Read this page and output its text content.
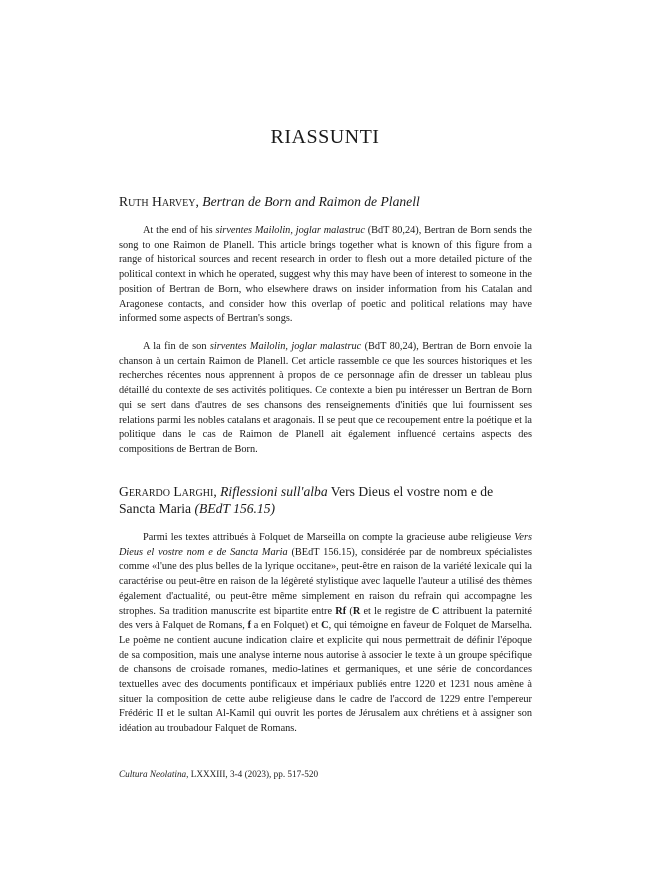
RIASSUNTI
Ruth Harvey, Bertran de Born and Raimon de Planell

At the end of his sirventes Mailolin, joglar malastruc (BdT 80,24), Bertran de Born sends the song to one Raimon de Planell. This article brings together what is known of this figure from a range of historical sources and recent research in order to flesh out a more detailed picture of the political context in which he operated, suggest why this may have been of interest to someone in the position of Bertran de Born, who elsewhere draws on insider information from his Catalan and Aragonese contacts, and consider how this overlap of poetic and political relations may have informed some aspects of Bertran's songs.

A la fin de son sirventes Mailolin, joglar malastruc (BdT 80,24), Bertran de Born envoie la chanson à un certain Raimon de Planell. Cet article rassemble ce que les sources historiques et les recherches récentes nous apprennent à propos de ce personnage afin de dresser un tableau plus détaillé du contexte de ses activités politiques. Ce contexte a bien pu intéresser un Bertran de Born qui se sert dans d'autres de ses chansons des renseignements d'initiés que lui fournissent ses relations parmi les nobles catalans et aragonais. Il se peut que ce recoupement entre la poétique et la politique dans le cas de Raimon de Planell ait également influencé certains aspects des compositions de Bertran de Born.

Gerardo Larghi, Riflessioni sull'alba Vers Dieus el vostre nom e de Sancta Maria (BEdT 156.15)

Parmi les textes attribués à Folquet de Marseilla on compte la gracieuse aube religieuse Vers Dieus el vostre nom e de Sancta Maria (BEdT 156.15), considérée par de nombreux spécialistes comme «l'une des plus belles de la lyrique occitane», peut-être en raison de la variété lexicale qui la caractérise ou peut-être en raison de la légèreté stylistique avec laquelle l'auteur a utilisé des thèmes également d'actualité, ou peut-être même simplement en raison du refrain qui accompagne les strophes. Sa tradition manuscrite est bipartite entre Rf (R et le registre de C attribuent la paternité des vers à Falquet de Romans, f a en Folquet) et C, qui témoigne en faveur de Folquet de Marselha. Le poème ne contient aucune indication claire et explicite qui nous permettrait de définir l'époque de sa composition, mais une analyse interne nous autorise à associer le texte à un groupe spécifique de chansons de croisade romanes, medio-latines et germaniques, et une série de concordances textuelles avec des documents pontificaux et impériaux publiés entre 1220 et 1231 nous amène à situer la composition de cette aube religieuse dans le cadre de l'accord de 1229 entre l'empereur Frédéric II et le sultan Al-Kamil qui ouvrit les portes de Jérusalem aux chrétiens et à assigner son idéation au troubadour Falquet de Romans.

Cultura Neolatina, LXXXIII, 3-4 (2023), pp. 517-520
